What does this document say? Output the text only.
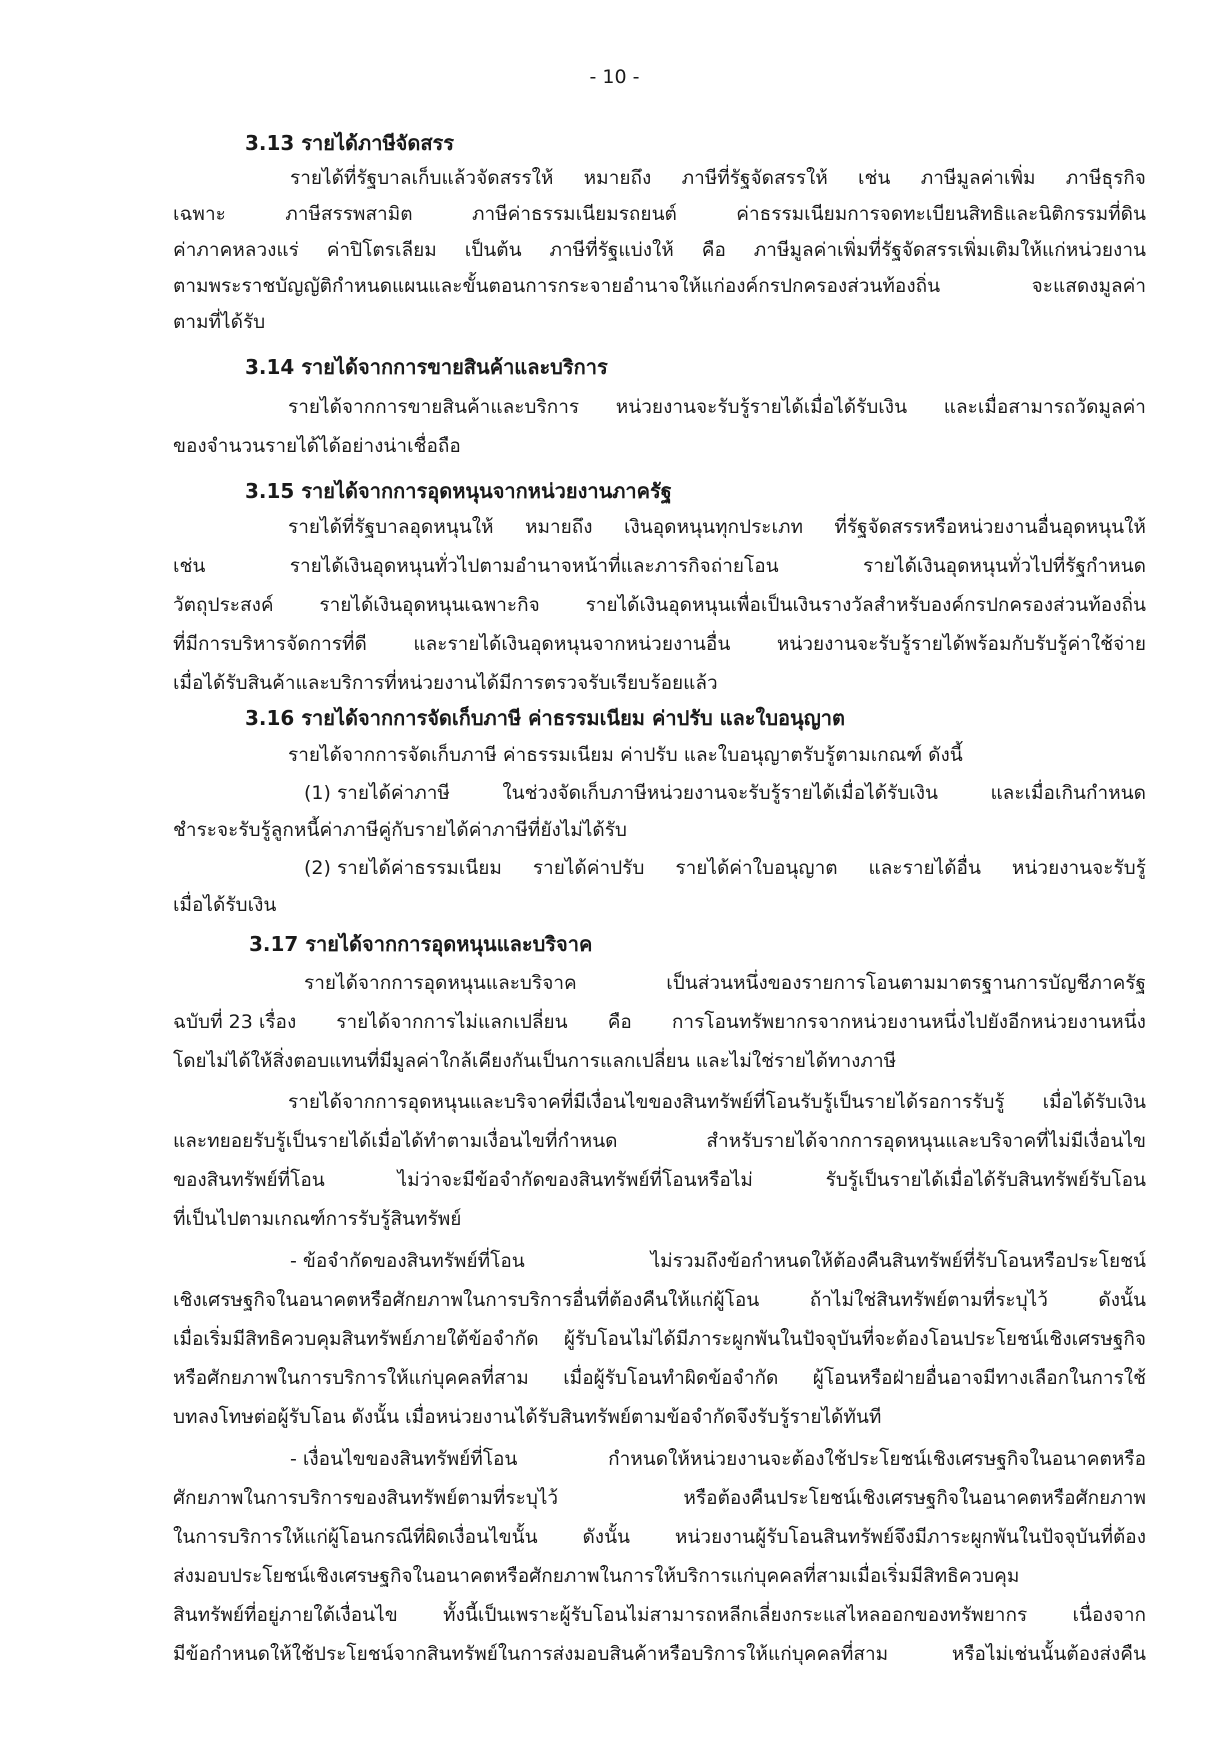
- 10 -
3.13 รายได้ภาษีจัดสรร
รายได้ที่รัฐบาลเก็บแล้วจัดสรรให้ หมายถึง ภาษีที่รัฐจัดสรรให้ เช่น ภาษีมูลค่าเพิ่ม ภาษีธุรกิจ
เฉพาะ	ภาษีสรรพสามิต	ภาษีค่าธรรมเนียมรถยนต์	ค่าธรรมเนียมการจดทะเบียนสิทธิและนิติกรรมที่ดิน
ค่าภาคหลวงแร่ ค่าปิโตรเลียม เป็นต้น ภาษีที่รัฐแบ่งให้ คือ ภาษีมูลค่าเพิ่มที่รัฐจัดสรรเพิ่มเติมให้แก่หน่วยงาน
ตามพระราชบัญญัติกำหนดแผนและขั้นตอนการกระจายอำนาจให้แก่องค์กรปกครองส่วนท้องถิ่น	จะแสดงมูลค่า
ตามที่ได้รับ
3.14 รายได้จากการขายสินค้าและบริการ
รายได้จากการขายสินค้าและบริการ หน่วยงานจะรับรู้รายได้เมื่อได้รับเงิน และเมื่อสามารถวัดมูลค่า
ของจำนวนรายได้ได้อย่างน่าเชื่อถือ
3.15 รายได้จากการอุดหนุนจากหน่วยงานภาครัฐ
รายได้ที่รัฐบาลอุดหนุนให้ หมายถึง เงินอุดหนุนทุกประเภท ที่รัฐจัดสรรหรือหน่วยงานอื่นอุดหนุนให้
เช่น	รายได้เงินอุดหนุนทั่วไปตามอำนาจหน้าที่และภารกิจถ่ายโอน	รายได้เงินอุดหนุนทั่วไปที่รัฐกำหนด
วัตถุประสงค์ รายได้เงินอุดหนุนเฉพาะกิจ รายได้เงินอุดหนุนเพื่อเป็นเงินรางวัลสำหรับองค์กรปกครองส่วนท้องถิ่น
ที่มีการบริหารจัดการที่ดี และรายได้เงินอุดหนุนจากหน่วยงานอื่น หน่วยงานจะรับรู้รายได้พร้อมกับรับรู้ค่าใช้จ่าย
เมื่อได้รับสินค้าและบริการที่หน่วยงานได้มีการตรวจรับเรียบร้อยแล้ว
3.16 รายได้จากการจัดเก็บภาษี ค่าธรรมเนียม ค่าปรับ และใบอนุญาต
รายได้จากการจัดเก็บภาษี ค่าธรรมเนียม ค่าปรับ และใบอนุญาตรับรู้ตามเกณฑ์ ดังนี้
(1) รายได้ค่าภาษี	ในช่วงจัดเก็บภาษีหน่วยงานจะรับรู้รายได้เมื่อได้รับเงิน	และเมื่อเกินกำหนด
ชำระจะรับรู้ลูกหนี้ค่าภาษีคู่กับรายได้ค่าภาษีที่ยังไม่ได้รับ
(2) รายได้ค่าธรรมเนียม รายได้ค่าปรับ รายได้ค่าใบอนุญาต และรายได้อื่น หน่วยงานจะรับรู้
เมื่อได้รับเงิน
3.17 รายได้จากการอุดหนุนและบริจาค
รายได้จากการอุดหนุนและบริจาค	เป็นส่วนหนึ่งของรายการโอนตามมาตรฐานการบัญชีภาครัฐ
ฉบับที่ 23 เรื่อง รายได้จากการไม่แลกเปลี่ยน คือ การโอนทรัพยากรจากหน่วยงานหนึ่งไปยังอีกหน่วยงานหนึ่ง
โดยไม่ได้ให้สิ่งตอบแทนที่มีมูลค่าใกล้เคียงกันเป็นการแลกเปลี่ยน และไม่ใช่รายได้ทางภาษี
รายได้จากการอุดหนุนและบริจาคที่มีเงื่อนไขของสินทรัพย์ที่โอนรับรู้เป็นรายได้รอการรับรู้ เมื่อได้รับเงิน
และทยอยรับรู้เป็นรายได้เมื่อได้ทำตามเงื่อนไขที่กำหนด	สำหรับรายได้จากการอุดหนุนและบริจาคที่ไม่มีเงื่อนไข
ของสินทรัพย์ที่โอน	ไม่ว่าจะมีข้อจำกัดของสินทรัพย์ที่โอนหรือไม่	รับรู้เป็นรายได้เมื่อได้รับสินทรัพย์รับโอน
ที่เป็นไปตามเกณฑ์การรับรู้สินทรัพย์
- ข้อจำกัดของสินทรัพย์ที่โอน	ไม่รวมถึงข้อกำหนดให้ต้องคืนสินทรัพย์ที่รับโอนหรือประโยชน์
เชิงเศรษฐกิจในอนาคตหรือศักยภาพในการบริการอื่นที่ต้องคืนให้แก่ผู้โอน	ถ้าไม่ใช่สินทรัพย์ตามที่ระบุไว้	ดังนั้น
เมื่อเริ่มมีสิทธิควบคุมสินทรัพย์ภายใต้ข้อจำกัด ผู้รับโอนไม่ได้มีภาระผูกพันในปัจจุบันที่จะต้องโอนประโยชน์เชิงเศรษฐกิจ
หรือศักยภาพในการบริการให้แก่บุคคลที่สาม เมื่อผู้รับโอนทำผิดข้อจำกัด ผู้โอนหรือฝ่ายอื่นอาจมีทางเลือกในการใช้
บทลงโทษต่อผู้รับโอน ดังนั้น เมื่อหน่วยงานได้รับสินทรัพย์ตามข้อจำกัดจึงรับรู้รายได้ทันที
- เงื่อนไขของสินทรัพย์ที่โอน	กำหนดให้หน่วยงานจะต้องใช้ประโยชน์เชิงเศรษฐกิจในอนาคตหรือ
ศักยภาพในการบริการของสินทรัพย์ตามที่ระบุไว้	หรือต้องคืนประโยชน์เชิงเศรษฐกิจในอนาคตหรือศักยภาพ
ในการบริการให้แก่ผู้โอนกรณีที่ผิดเงื่อนไขนั้น ดังนั้น หน่วยงานผู้รับโอนสินทรัพย์จึงมีภาระผูกพันในปัจจุบันที่ต้อง
ส่งมอบประโยชน์เชิงเศรษฐกิจในอนาคตหรือศักยภาพในการให้บริการแก่บุคคลที่สามเมื่อเริ่มมีสิทธิควบคุม
สินทรัพย์ที่อยู่ภายใต้เงื่อนไข ทั้งนี้เป็นเพราะผู้รับโอนไม่สามารถหลีกเลี่ยงกระแสไหลออกของทรัพยากร เนื่องจาก
มีข้อกำหนดให้ใช้ประโยชน์จากสินทรัพย์ในการส่งมอบสินค้าหรือบริการให้แก่บุคคลที่สาม	หรือไม่เช่นนั้นต้องส่งคืน
